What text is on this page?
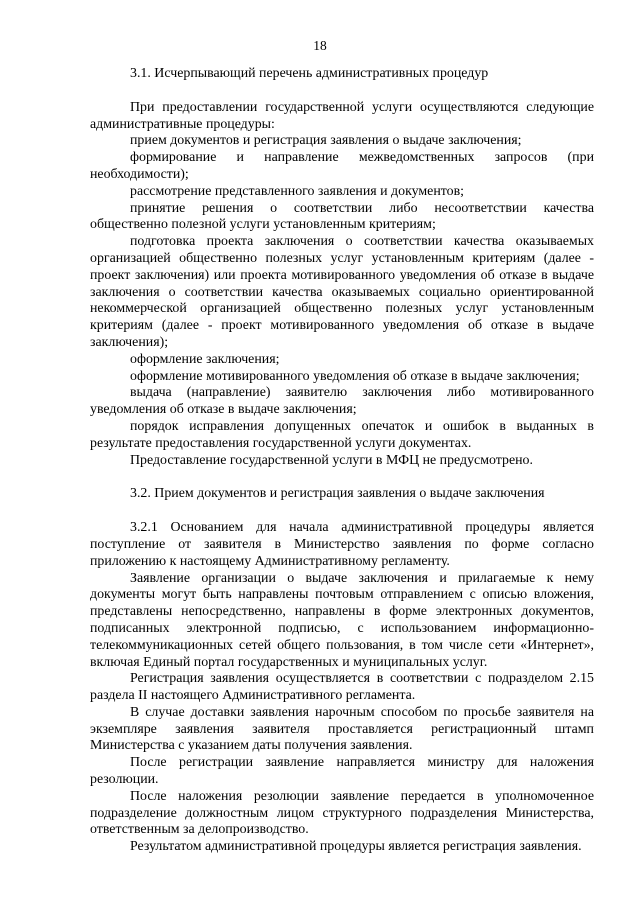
18

3.1. Исчерпывающий перечень административных процедур

При предоставлении государственной услуги осуществляются следующие административные процедуры:

прием документов и регистрация заявления о выдаче заключения;

формирование и направление межведомственных запросов (при необходимости);

рассмотрение представленного заявления и документов;

принятие решения о соответствии либо несоответствии качества общественно полезной услуги установленным критериям;

подготовка проекта заключения о соответствии качества оказываемых организацией общественно полезных услуг установленным критериям (далее - проект заключения) или проекта мотивированного уведомления об отказе в выдаче заключения о соответствии качества оказываемых социально ориентированной некоммерческой организацией общественно полезных услуг установленным критериям (далее - проект мотивированного уведомления об отказе в выдаче заключения);

оформление заключения;

оформление мотивированного уведомления об отказе в выдаче заключения;

выдача (направление) заявителю заключения либо мотивированного уведомления об отказе в выдаче заключения;

порядок исправления допущенных опечаток и ошибок в выданных в результате предоставления государственной услуги документах.

Предоставление государственной услуги в МФЦ не предусмотрено.

3.2. Прием документов и регистрация заявления о выдаче заключения

3.2.1 Основанием для начала административной процедуры является поступление от заявителя в Министерство заявления по форме согласно приложению к настоящему Административному регламенту.

Заявление организации о выдаче заключения и прилагаемые к нему документы могут быть направлены почтовым отправлением с описью вложения, представлены непосредственно, направлены в форме электронных документов, подписанных электронной подписью, с использованием информационно-телекоммуникационных сетей общего пользования, в том числе сети «Интернет», включая Единый портал государственных и муниципальных услуг.

Регистрация заявления осуществляется в соответствии с подразделом 2.15 раздела II настоящего Административного регламента.

В случае доставки заявления нарочным способом по просьбе заявителя на экземпляре заявления заявителя проставляется регистрационный штамп Министерства с указанием даты получения заявления.

После регистрации заявление направляется министру для наложения резолюции.

После наложения резолюции заявление передается в уполномоченное подразделение должностным лицом структурного подразделения Министерства, ответственным за делопроизводство.

Результатом административной процедуры является регистрация заявления.
